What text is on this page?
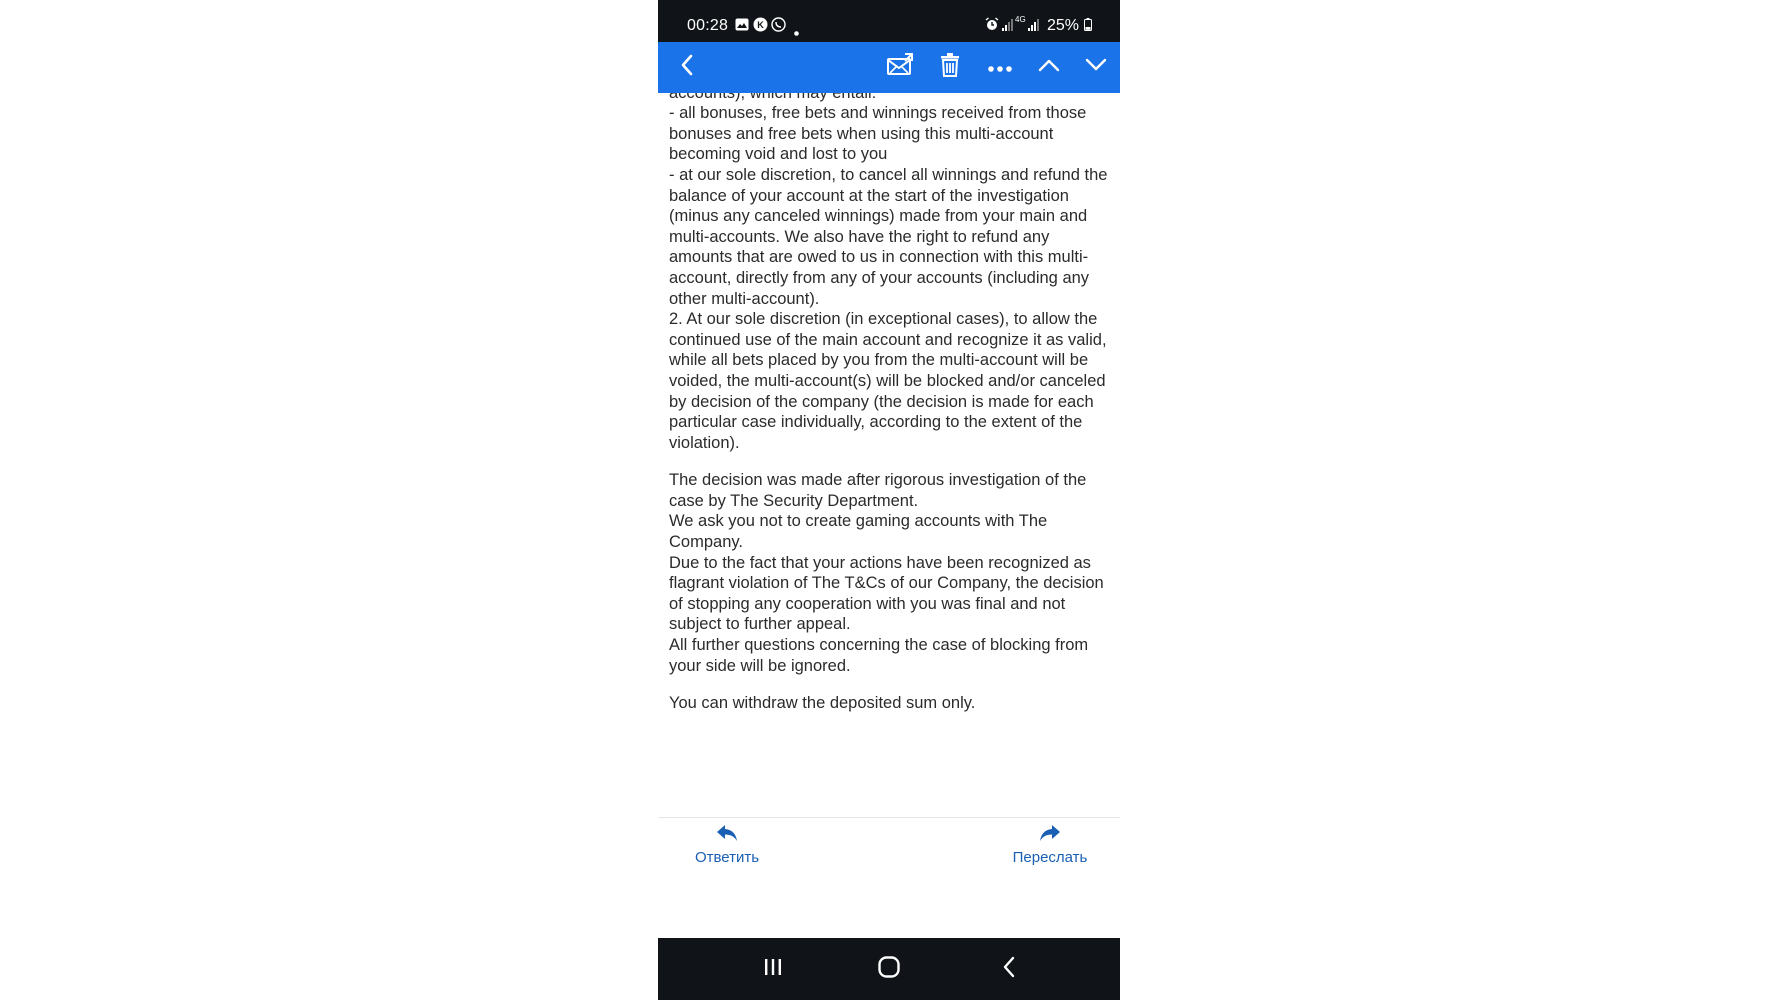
00:28	K
4G 25%

- all bonuses, free bets and winnings received from those bonuses and free bets when using this multi-account becoming void and lost to you
- at our sole discretion, to cancel all winnings and refund the balance of your account at the start of the investigation (minus any canceled winnings) made from your main and multi-accounts. We also have the right to refund any amounts that are owed to us in connection with this multi-account, directly from any of your accounts (including any other multi-account).
2. At our sole discretion (in exceptional cases), to allow the continued use of the main account and recognize it as valid, while all bets placed by you from the multi-account will be voided, the multi-account(s) will be blocked and/or canceled by decision of the company (the decision is made for each particular case individually, according to the extent of the violation).

The decision was made after rigorous investigation of the case by The Security Department.
We ask you not to create gaming accounts with The Company.
Due to the fact that your actions have been recognized as flagrant violation of The T&Cs of our Company, the decision of stopping any cooperation with you was final and not subject to further appeal.
All further questions concerning the case of blocking from your side will be ignored.

You can withdraw the deposited sum only.

Ответить	Переслать
